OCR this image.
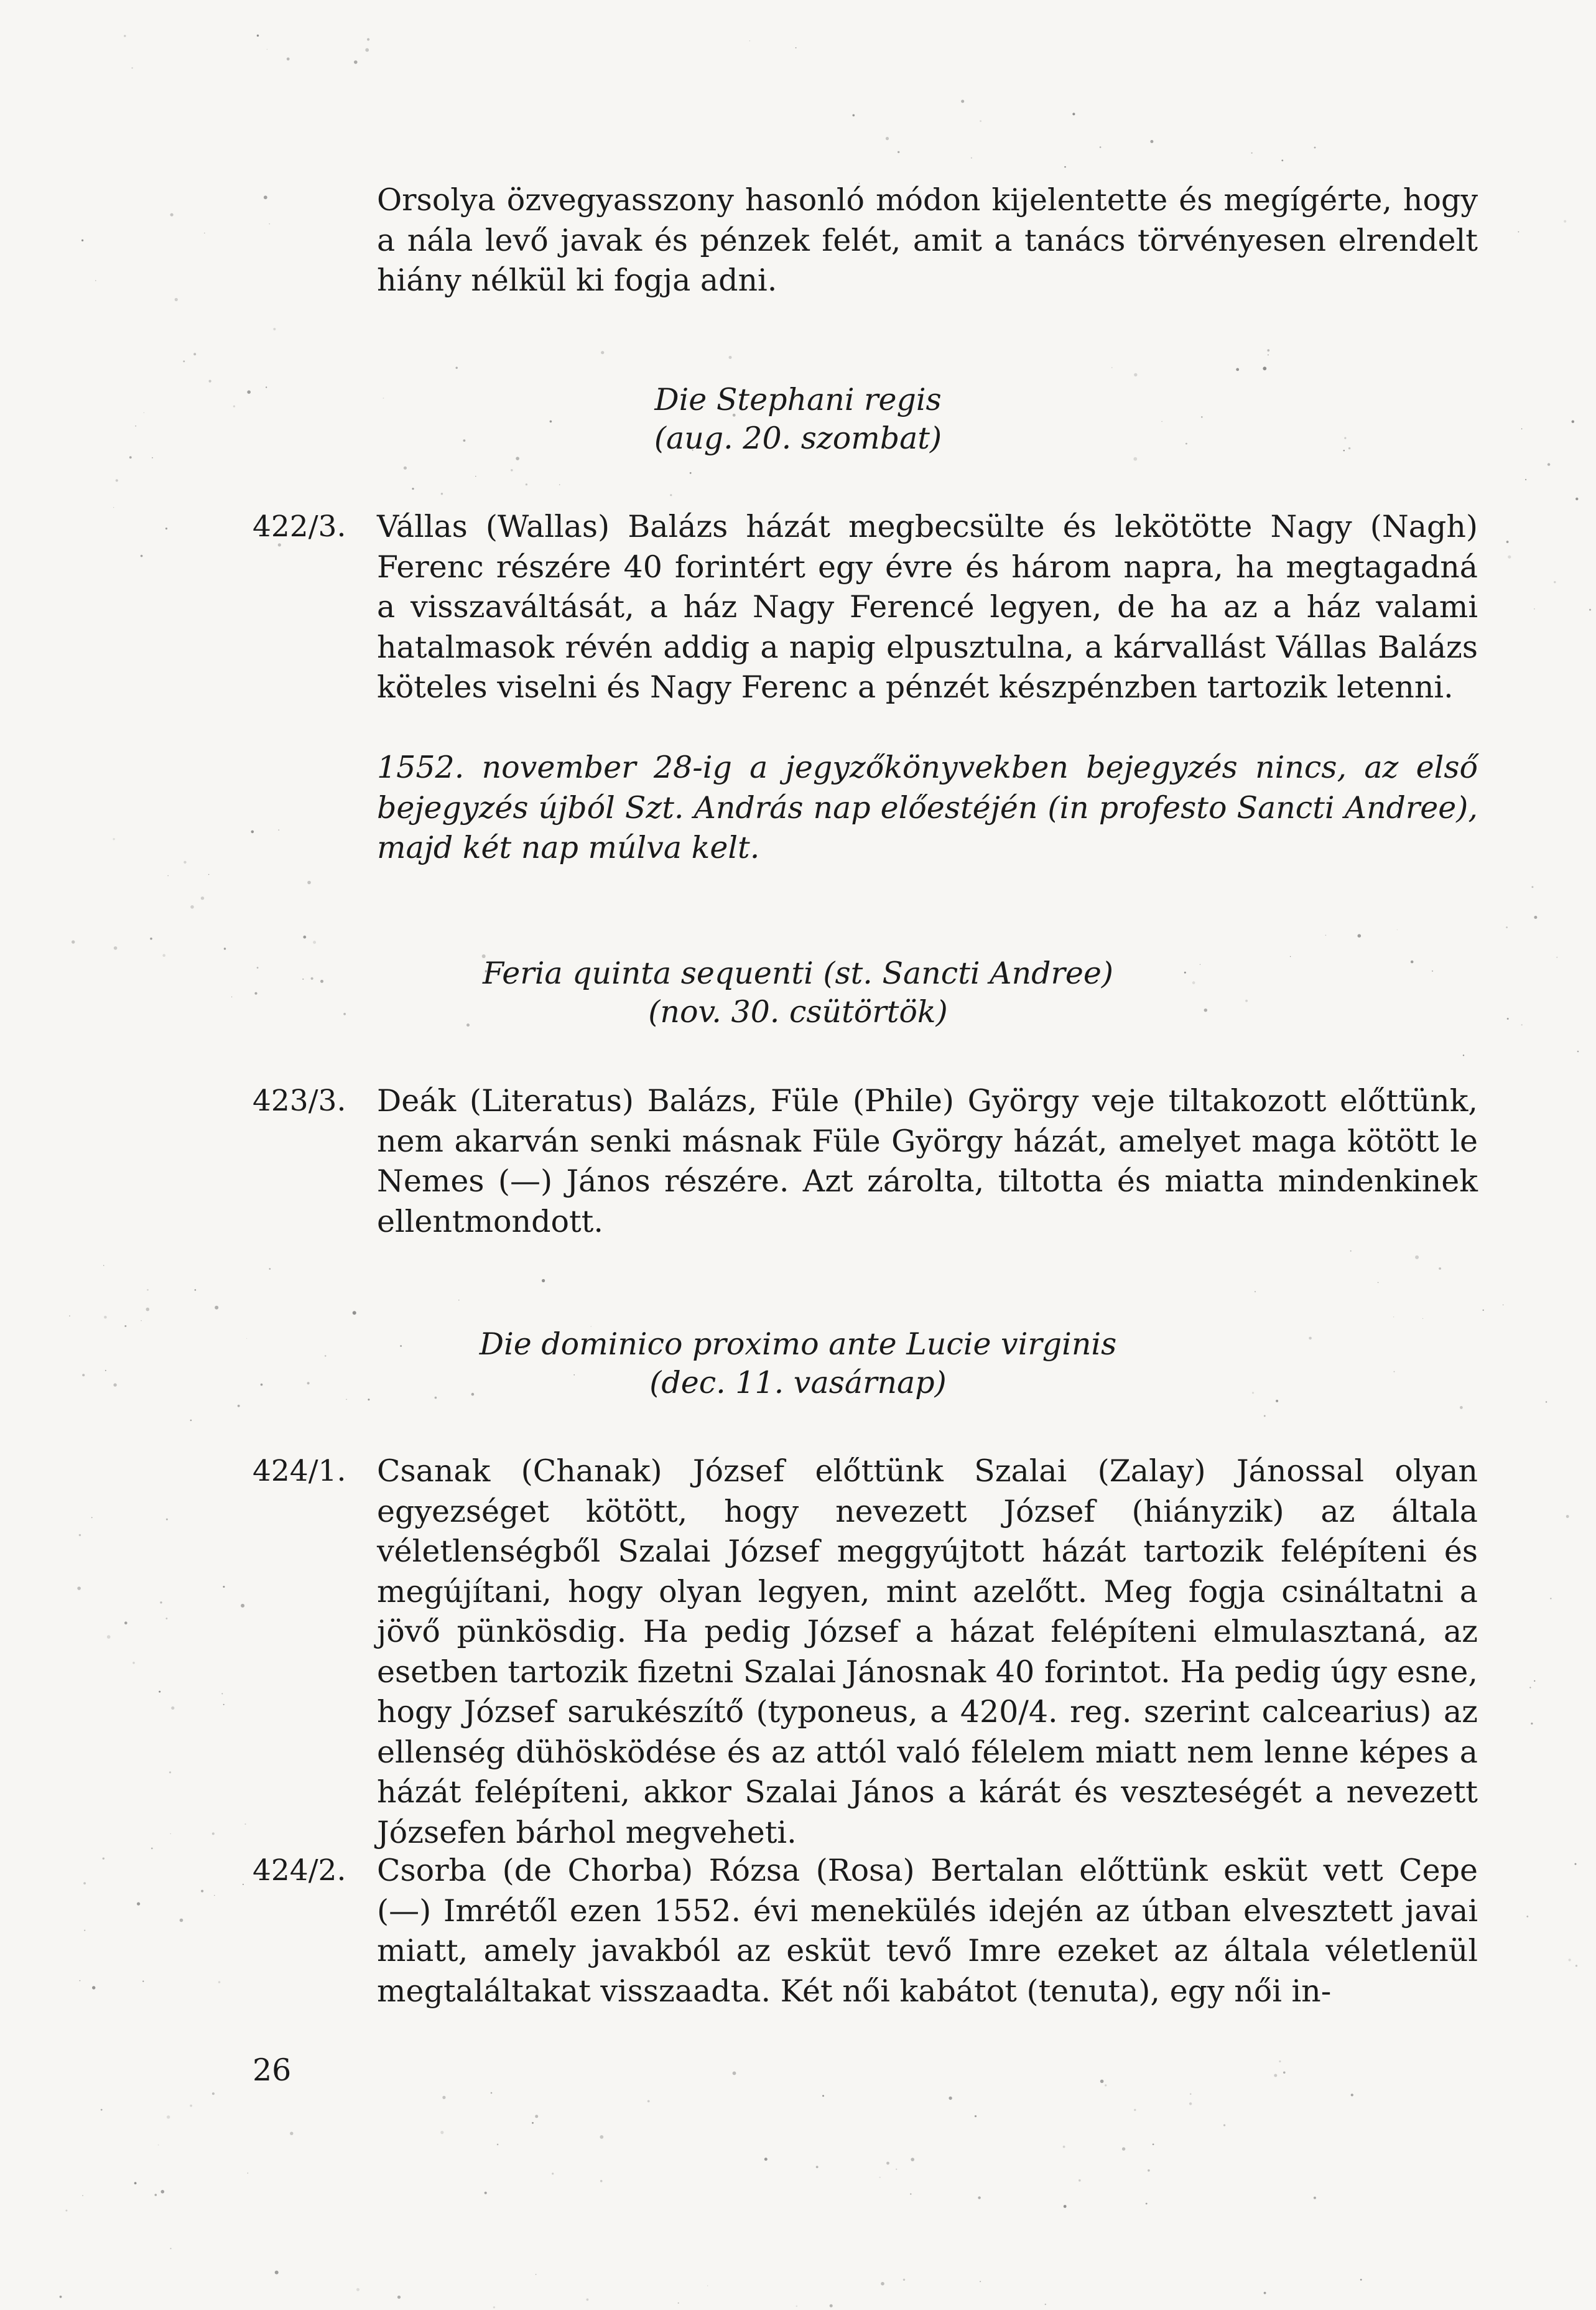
Orsolya özvegyasszony hasonló módon kijelentette és megígérte, hogy a nála levő javak és pénzek felét, amit a tanács törvényesen elrendelt hiány nélkül ki fogja adni.

Die Stephani regis
(aug. 20. szombat)
422/3. Vállas (Wallas) Balázs házát megbecsülte és lekötötte Nagy (Nagh) Ferenc részére 40 forintért egy évre és három napra, ha megtagadná a visszaváltását, a ház Nagy Ferencé legyen, de ha az a ház valami hatalmasok révén addig a napig elpusztulna, a kárvallást Vállas Balázs köteles viselni és Nagy Ferenc a pénzét készpénzben tartozik letenni.

1552. november 28-ig a jegyzőkönyvekben bejegyzés nincs, az első bejegyzés újból Szt. András nap előestéjén (in profesto Sancti Andree), majd két nap múlva kelt.

Feria quinta sequenti (st. Sancti Andree)
(nov. 30. csütörtök)
423/3. Deák (Literatus) Balázs, Füle (Phile) György veje tiltakozott előttünk, nem akarván senki másnak Füle György házát, amelyet maga kötött le Nemes (—) János részére. Azt zárolta, tiltotta és miatta mindenkinek ellentmondott.

Die dominico proximo ante Lucie virginis
(dec. 11. vasárnap)
424/1. Csanak (Chanak) József előttünk Szalai (Zalay) Jánossal olyan egyezséget kötött, hogy nevezett József (hiányzik) az általa véletlenségből Szalai József meggyújtott házát tartozik felépíteni és megújítani, hogy olyan legyen, mint azelőtt. Meg fogja csináltatni a jövő pünkösdig. Ha pedig József a házat felépíteni elmulasztaná, az esetben tartozik fizetni Szalai Jánosnak 40 forintot. Ha pedig úgy esne, hogy József sarukészítő (typoneus, a 420/4. reg. szerint calcearius) az ellenség dühösködése és az attól való félelem miatt nem lenne képes a házát felépíteni, akkor Szalai János a kárát és veszteségét a nevezett Józsefen bárhol megveheti.

424/2. Csorba (de Chorba) Rózsa (Rosa) Bertalan előttünk esküt vett Cepe (—) Imrétől ezen 1552. évi menekülés idején az útban elvesztett javai miatt, amely javakból az esküt tevő Imre ezeket az általa véletlenül megtaláltakat visszaadta. Két női kabátot (tenuta), egy női in-

26
